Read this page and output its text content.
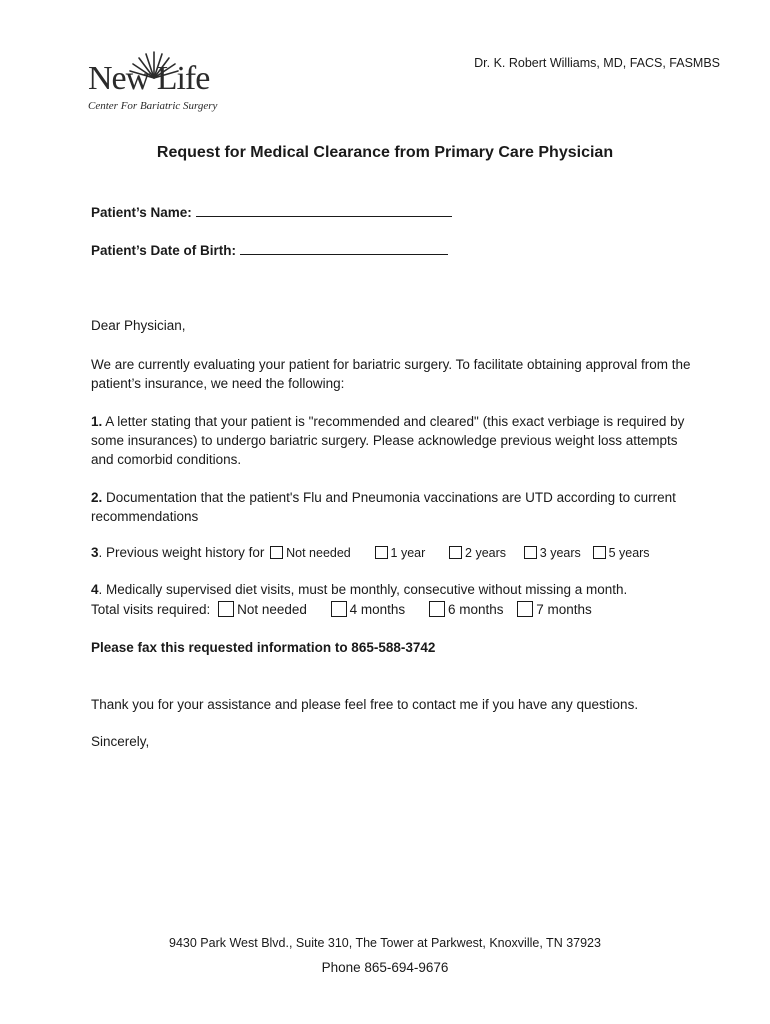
New Life
Center For Bariatric Surgery
Dr. K. Robert Williams, MD, FACS, FASMBS
Request for Medical Clearance from Primary Care Physician
Patient’s Name:
Patient’s Date of Birth:
Dear Physician,
We are currently evaluating your patient for bariatric surgery. To facilitate obtaining approval from the patient’s insurance, we need the following:
1. A letter stating that your patient is "recommended and cleared" (this exact verbiage is required by some insurances) to undergo bariatric surgery. Please acknowledge previous weight loss attempts and comorbid conditions.
2. Documentation that the patient's Flu and Pneumonia vaccinations are UTD according to current recommendations
3. Previous weight history for Not needed	1 year	2 years	3 years 5 years
4. Medically supervised diet visits, must be monthly, consecutive without missing a month.
Total visits required: Not needed	4 months	6 months 7 months
Please fax this requested information to 865-588-3742
Thank you for your assistance and please feel free to contact me if you have any questions.
Sincerely,
9430 Park West Blvd., Suite 310, The Tower at Parkwest, Knoxville, TN 37923
Phone 865-694-9676
